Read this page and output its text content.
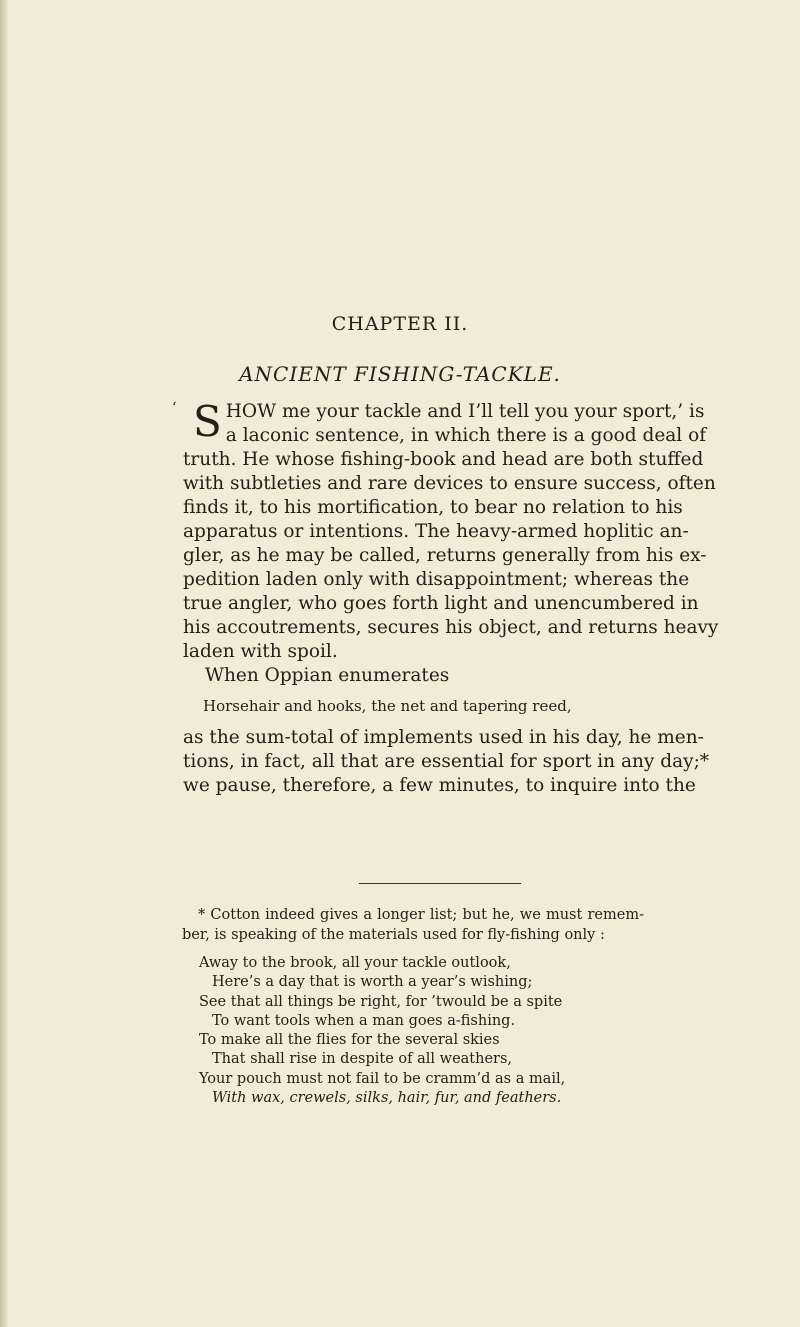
CHAPTER II.
ANCIENT FISHING-TACKLE.
‘ S HOW me your tackle and I’ll tell you your sport,’ is
a laconic sentence, in which there is a good deal of
truth. He whose fishing-book and head are both stuffed
with subtleties and rare devices to ensure success, often
finds it, to his mortification, to bear no relation to his
apparatus or intentions. The heavy-armed hoplitic an-
gler, as he may be called, returns generally from his ex-
pedition laden only with disappointment; whereas the
true angler, who goes forth light and unencumbered in
his accoutrements, secures his object, and returns heavy
laden with spoil.
When Oppian enumerates
Horsehair and hooks, the net and tapering reed,
as the sum-total of implements used in his day, he men-
tions, in fact, all that are essential for sport in any day;*
we pause, therefore, a few minutes, to inquire into the
* Cotton indeed gives a longer list; but he, we must remem-
ber, is speaking of the materials used for fly-fishing only :
Away to the brook, all your tackle outlook,
Here’s a day that is worth a year’s wishing;
See that all things be right, for ’twould be a spite
To want tools when a man goes a-fishing.
To make all the flies for the several skies
That shall rise in despite of all weathers,
Your pouch must not fail to be cramm’d as a mail,
With wax, crewels, silks, hair, fur, and feathers.
